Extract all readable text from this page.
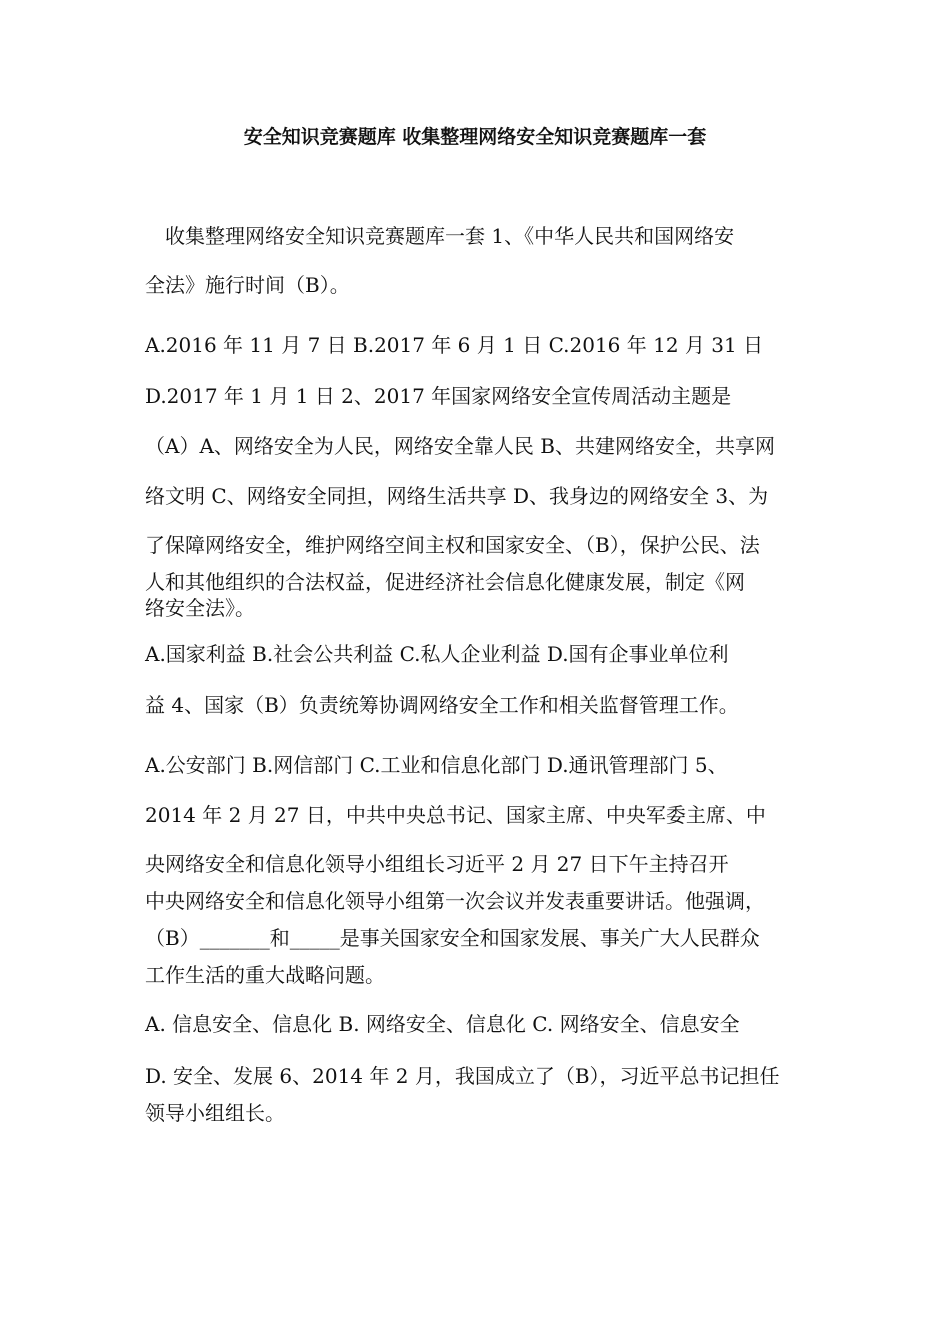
安全知识竞赛题库 收集整理网络安全知识竞赛题库一套
　收集整理网络安全知识竞赛题库一套 1、《中华人民共和国网络安
全法》施行时间（B）。
A.2016 年 11 月 7 日 B.2017 年 6 月 1 日 C.2016 年 12 月 31 日
D.2017 年 1 月 1 日 2、2017 年国家网络安全宣传周活动主题是
（A）A、网络安全为人民，网络安全靠人民 B、共建网络安全，共享网
络文明 C、网络安全同担，网络生活共享 D、我身边的网络安全 3、为
了保障网络安全，维护网络空间主权和国家安全、（B），保护公民、法
人和其他组织的合法权益，促进经济社会信息化健康发展，制定《网
络安全法》。
A.国家利益 B.社会公共利益 C.私人企业利益 D.国有企事业单位利
益 4、国家（B）负责统筹协调网络安全工作和相关监督管理工作。
A.公安部门 B.网信部门 C.工业和信息化部门 D.通讯管理部门 5、
2014 年 2 月 27 日，中共中央总书记、国家主席、中央军委主席、中
央网络安全和信息化领导小组组长习近平 2 月 27 日下午主持召开
中央网络安全和信息化领导小组第一次会议并发表重要讲话。他强调，
（B）_______和_____是事关国家安全和国家发展、事关广大人民群众
工作生活的重大战略问题。
A. 信息安全、信息化 B. 网络安全、信息化 C. 网络安全、信息安全
D. 安全、发展 6、2014 年 2 月，我国成立了（B），习近平总书记担任
领导小组组长。
